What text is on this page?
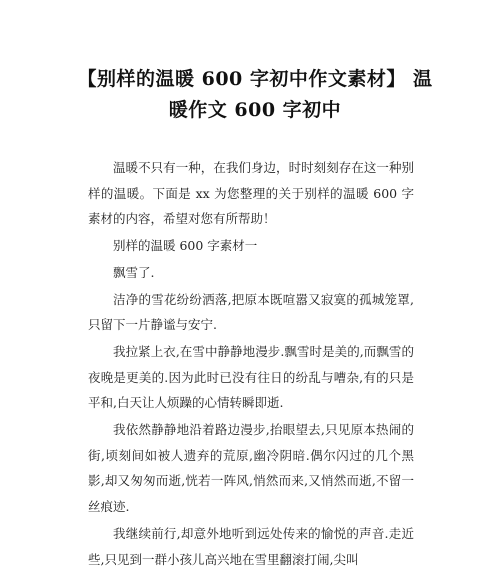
【别样的温暖 600 字初中作文素材】 温暖作文 600 字初中

温暖不只有一种，在我们身边，时时刻刻存在这一种别样的温暖。下面是 xx 为您整理的关于别样的温暖 600 字素材的内容，希望对您有所帮助！

别样的温暖 600 字素材一

飘雪了.

洁净的雪花纷纷洒落,把原本既喧嚣又寂寞的孤城笼罩,只留下一片静谧与安宁.

我拉紧上衣,在雪中静静地漫步.飘雪时是美的,而飘雪的夜晚是更美的.因为此时已没有往日的纷乱与嘈杂,有的只是平和,白天让人烦躁的心情转瞬即逝.

我依然静静地沿着路边漫步,抬眼望去,只见原本热闹的街,顷刻间如被人遗弃的荒原,幽冷阴暗.偶尔闪过的几个黑影,却又匆匆而逝,恍若一阵风,悄然而来,又悄然而逝,不留一丝痕迹.

我继续前行,却意外地听到远处传来的愉悦的声音.走近些,只见到一群小孩儿高兴地在雪里翻滚打闹,尖叫
